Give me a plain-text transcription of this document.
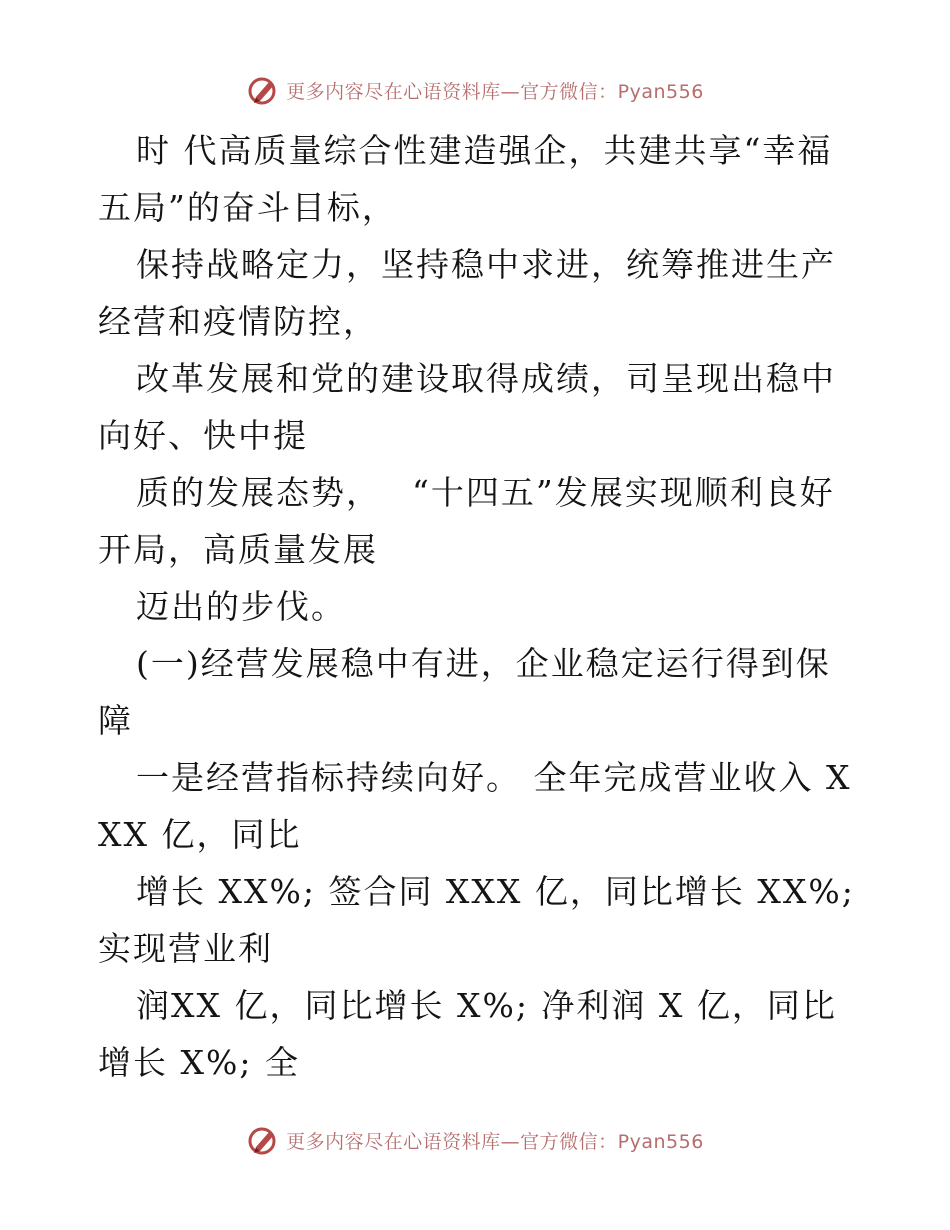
更多内容尽在心语资料库—官方微信：Pyan556

时 代高质量综合性建造强企，共建共享“幸福五局”的奋斗目标，

保持战略定力，坚持稳中求进，统筹推进生产经营和疫情防控，

改革发展和党的建设取得成绩，司呈现出稳中向好、快中提

质的发展态势，　 “十四五”发展实现顺利良好开局，高质量发展

迈出的步伐。

(一)经营发展稳中有进，企业稳定运行得到保障

一是经营指标持续向好。 全年完成营业收入 XXX 亿，同比

增长 XX%; 签合同 XXX 亿，同比增长 XX%; 实现营业利

润XX 亿，同比增长 X%; 净利润 X 亿，同比增长 X%; 全

更多内容尽在心语资料库—官方微信：Pyan556
